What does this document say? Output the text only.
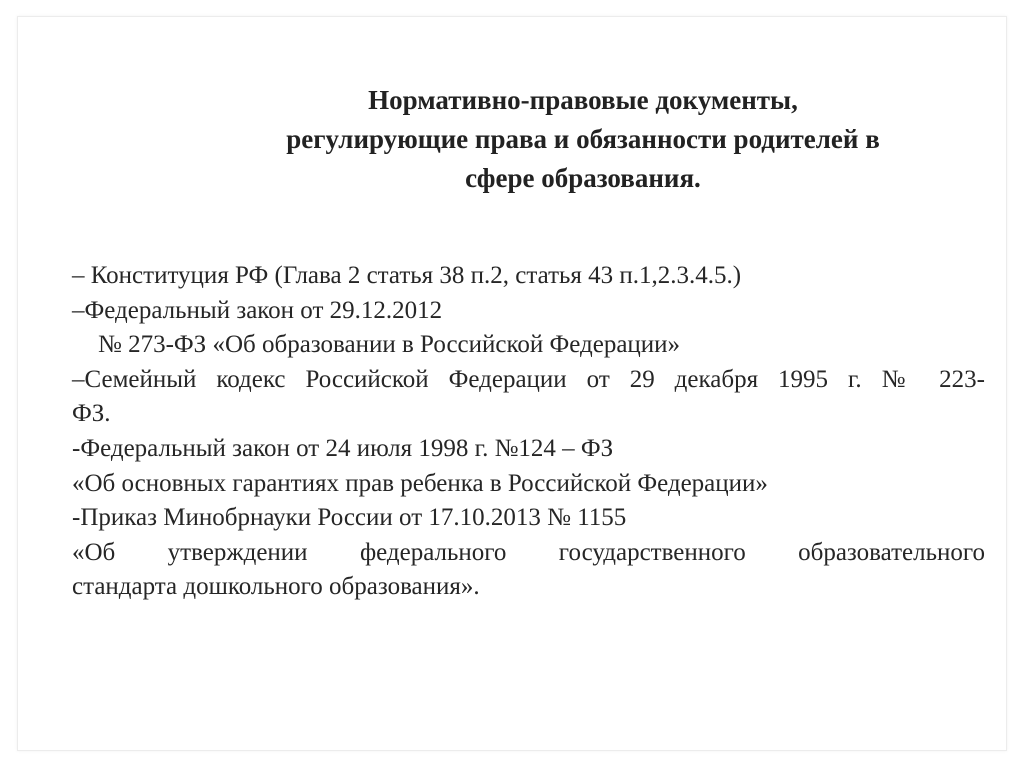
Нормативно-правовые документы,
регулирующие права и обязанности родителей в
сфере образования.
– Конституция РФ (Глава 2 статья 38 п.2, статья 43 п.1,2.3.4.5.)
–Федеральный закон от 29.12.2012
№ 273-ФЗ «Об образовании в Российской Федерации»
–Семейный кодекс Российской Федерации от 29 декабря 1995 г. № 223-
ФЗ.
-Федеральный закон от 24 июля 1998 г. №124 – ФЗ
«Об основных гарантиях прав ребенка в Российской Федерации»
-Приказ Минобрнауки России от 17.10.2013 № 1155
«Об утверждении федерального государственного образовательного
стандарта дошкольного образования».
